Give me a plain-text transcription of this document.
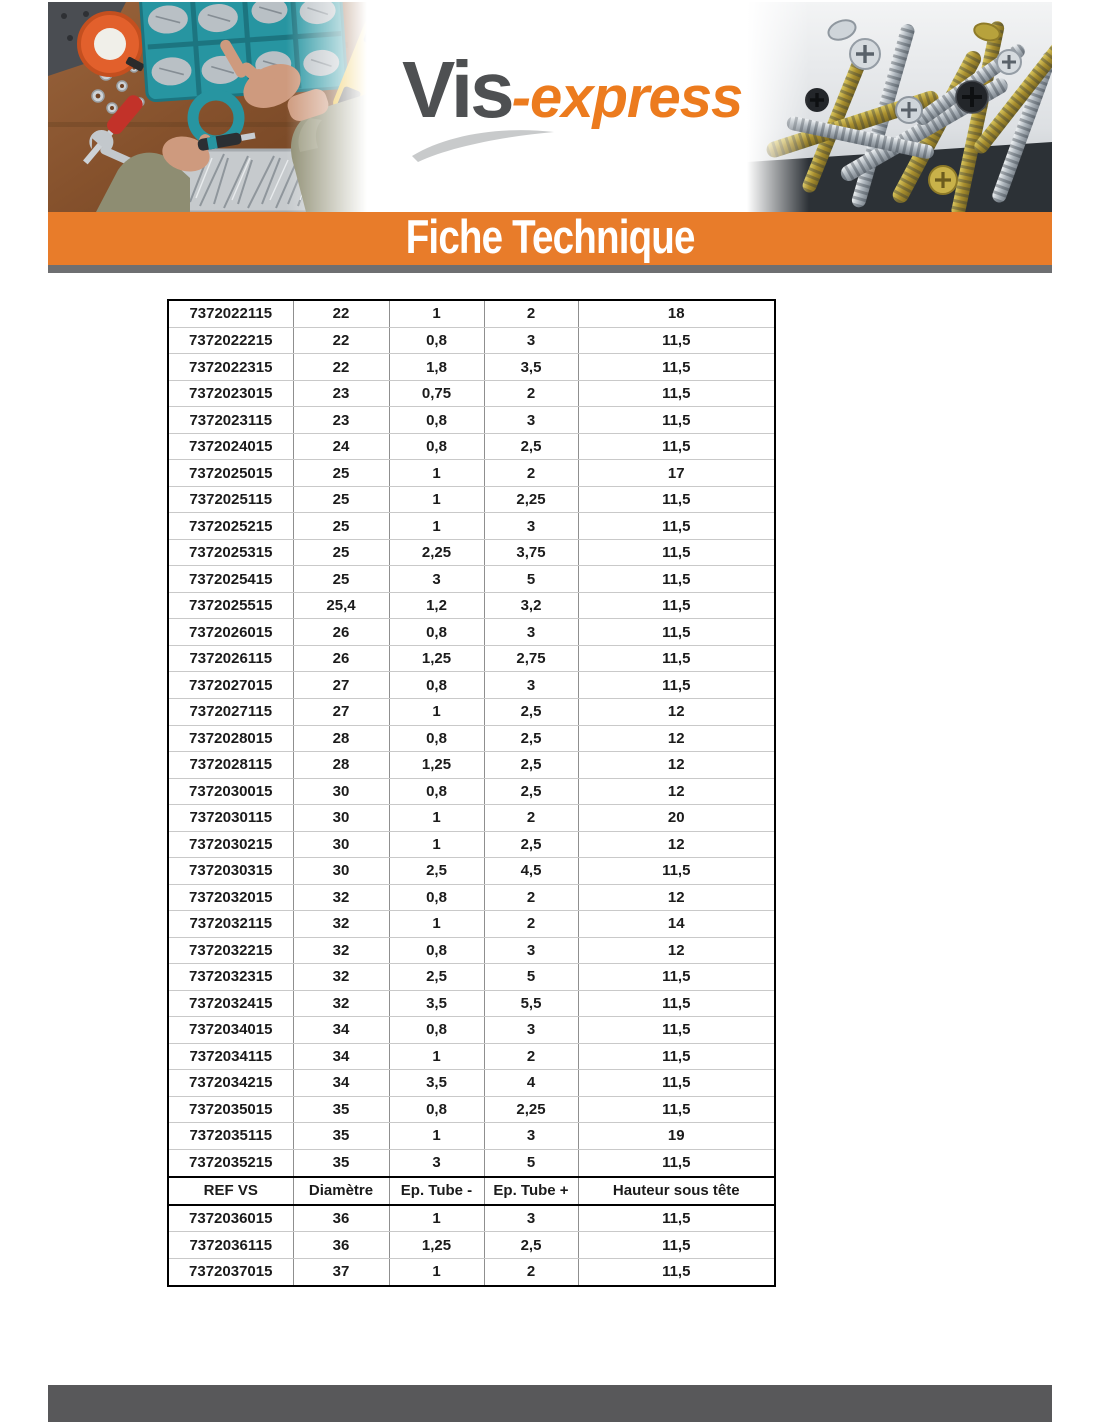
Vis -express
Fiche Technique
7372022115	22	1	2	18
7372022215	22	0,8	3	11,5
7372022315	22	1,8	3,5	11,5
7372023015	23	0,75	2	11,5
7372023115	23	0,8	3	11,5
7372024015	24	0,8	2,5	11,5
7372025015	25	1	2	17
7372025115	25	1	2,25	11,5
7372025215	25	1	3	11,5
7372025315	25	2,25	3,75	11,5
7372025415	25	3	5	11,5
7372025515	25,4	1,2	3,2	11,5
7372026015	26	0,8	3	11,5
7372026115	26	1,25	2,75	11,5
7372027015	27	0,8	3	11,5
7372027115	27	1	2,5	12
7372028015	28	0,8	2,5	12
7372028115	28	1,25	2,5	12
7372030015	30	0,8	2,5	12
7372030115	30	1	2	20
7372030215	30	1	2,5	12
7372030315	30	2,5	4,5	11,5
7372032015	32	0,8	2	12
7372032115	32	1	2	14
7372032215	32	0,8	3	12
7372032315	32	2,5	5	11,5
7372032415	32	3,5	5,5	11,5
7372034015	34	0,8	3	11,5
7372034115	34	1	2	11,5
7372034215	34	3,5	4	11,5
7372035015	35	0,8	2,25	11,5
7372035115	35	1	3	19
7372035215	35	3	5	11,5
REF VS	Diamètre	Ep. Tube -	Ep. Tube +	Hauteur sous tête
7372036015	36	1	3	11,5
7372036115	36	1,25	2,5	11,5
7372037015	37	1	2	11,5
